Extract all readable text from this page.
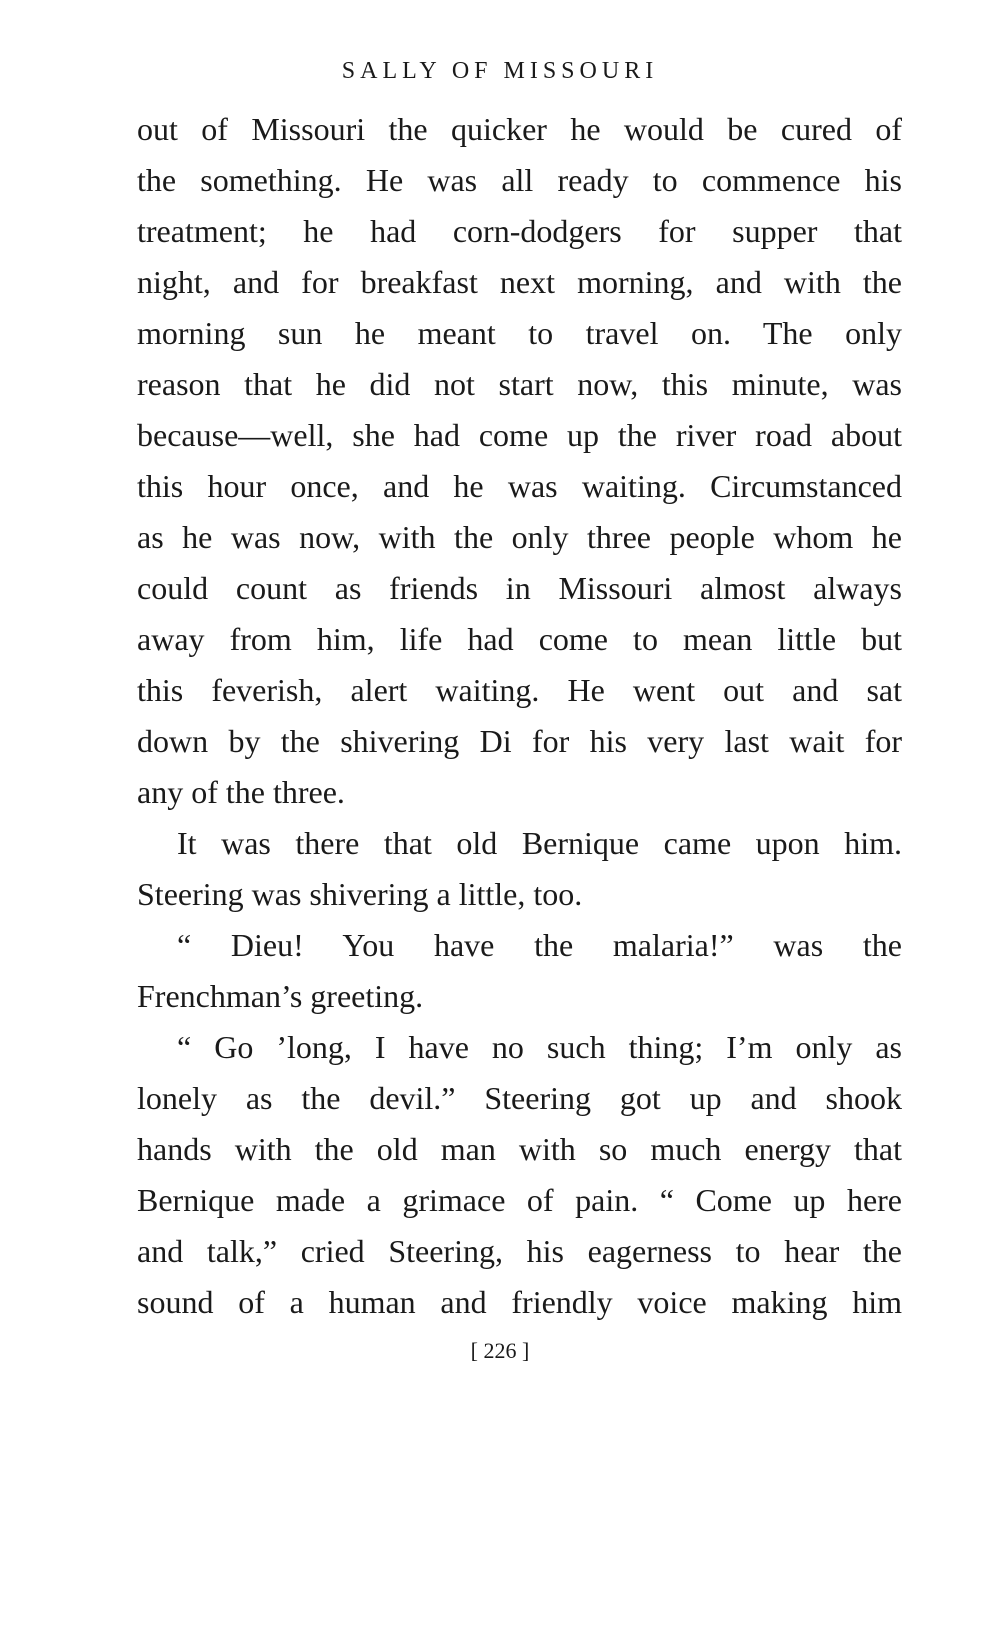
SALLY OF MISSOURI
out of Missouri the quicker he would be cured of
the something. He was all ready to commence his
treatment; he had corn-dodgers for supper that
night, and for breakfast next morning, and with the
morning sun he meant to travel on. The only
reason that he did not start now, this minute, was
because—well, she had come up the river road about
this hour once, and he was waiting. Circumstanced
as he was now, with the only three people whom he
could count as friends in Missouri almost always
away from him, life had come to mean little but
this feverish, alert waiting. He went out and sat
down by the shivering Di for his very last wait for
any of the three.
It was there that old Bernique came upon him.
Steering was shivering a little, too.
“ Dieu! You have the malaria!” was the
Frenchman’s greeting.
“ Go ’long, I have no such thing; I’m only as
lonely as the devil.” Steering got up and shook
hands with the old man with so much energy that
Bernique made a grimace of pain. “ Come up here
and talk,” cried Steering, his eagerness to hear the
sound of a human and friendly voice making him
[ 226 ]
